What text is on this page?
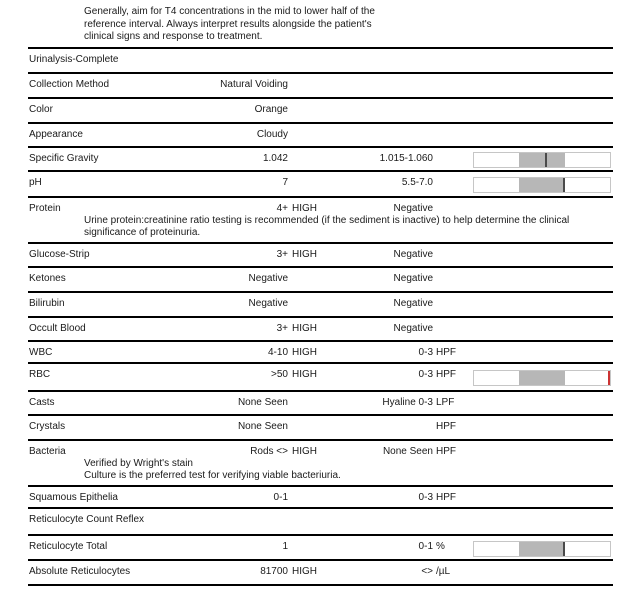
Generally, aim for T4 concentrations in the mid to lower half of the
reference interval. Always interpret results alongside the patient's
clinical signs and response to treatment.
Urinalysis-Complete
Collection Method	Natural Voiding
Color	Orange
Appearance	Cloudy
Specific Gravity	1.042	1.015-1.060
pH	7	5.5-7.0
Protein	4+ HIGH	Negative
Urine protein:creatinine ratio testing is recommended (if the sediment is inactive) to help determine the clinical
significance of proteinuria.
Glucose-Strip	3+ HIGH	Negative
Ketones	Negative	Negative
Bilirubin	Negative	Negative
Occult Blood	3+ HIGH	Negative
WBC	4-10 HIGH	0-3 HPF
RBC	>50 HIGH	0-3 HPF
Casts	None Seen	Hyaline 0-3 LPF
Crystals	None Seen	HPF
Bacteria	Rods <> HIGH	None Seen HPF
Verified by Wright's stain
Culture is the preferred test for verifying viable bacteriuria.
Squamous Epithelia	0-1	0-3 HPF
Reticulocyte Count Reflex
Reticulocyte Total	1	0-1 %
Absolute Reticulocytes	81700 HIGH	<> /µL
